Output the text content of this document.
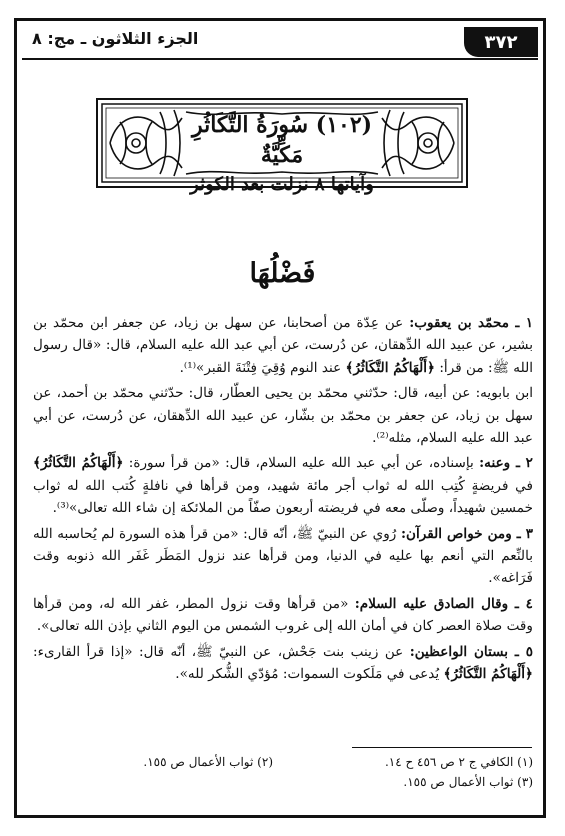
٣٧٢
الجزء الثلاثون ـ مج: ٨
(١٠٢) سُورَةُ التَّكَاثُرِ مَكِّيَّةٌ
وآياتها ٨ نزلت بعد الكوثر
فَضْلُهَا

١ ـ محمّد بن يعقوب: عن عِدّة من أصحابنا، عن سهل بن زياد، عن جعفر ابن محمّد بن بشير، عن عبيد الله الدِّهقان، عن دُرست، عن أبي عبد الله عليه السلام، قال: «قال رسول الله ﷺ: من قرأ: ﴿أَلْهَاكُمُ التَّكَاثُرُ﴾ عند النوم وُقِيَ فِتْنَةَ القبر»⁽¹⁾.

ابن بابويه: عن أبيه، قال: حدّثني محمّد بن يحيى العطّار، قال: حدّثني محمّد بن أحمد، عن سهل بن زياد، عن جعفر بن محمّد بن بشّار، عن عبيد الله الدِّهقان، عن دُرست، عن أبي عبد الله عليه السلام، مثله⁽²⁾.

٢ ـ وعنه: بإسناده، عن أبي عبد الله عليه السلام، قال: «من قرأ سورة: ﴿أَلْهَاكُمُ التَّكَاثُرُ﴾ في فريضةٍ كُتِب الله له ثواب أجر مائة شهيد، ومن قرأها في نافلةٍ كُتب الله له ثواب خمسين شهيداً، وصلّى معه في فريضته أربعون صفّاً من الملائكة إن شاء الله تعالى»⁽³⁾.

٣ ـ ومن خواص القرآن: رُوي عن النبيّ ﷺ، أنّه قال: «من قرأ هذه السورة لم يُحاسبه الله بالنِّعم التي أنعم بها عليه في الدنيا، ومن قرأها عند نزول المَطَر غَفَر الله ذنوبه وقت فَرَاغه».

٤ ـ وقال الصادق عليه السلام: «من قرأها وقت نزول المطر، غفر الله له، ومن قرأها وقت صلاة العصر كان في أمان الله إلى غروب الشمس من اليوم الثاني بإذن الله تعالى».

٥ ـ بستان الواعظين: عن زينب بنت جَحْش، عن النبيّ ﷺ، أنّه قال: «إذا قرأ القارىء: ﴿أَلْهَاكُمُ التَّكَاثُرُ﴾ يُدعى في مَلَكوت السموات: مُؤدّي الشُّكر لله».

(١) الكافي ج ٢ ص ٤٥٦ ح ١٤.
(٢) ثواب الأعمال ص ١٥٥.
(٣) ثواب الأعمال ص ١٥٥.
